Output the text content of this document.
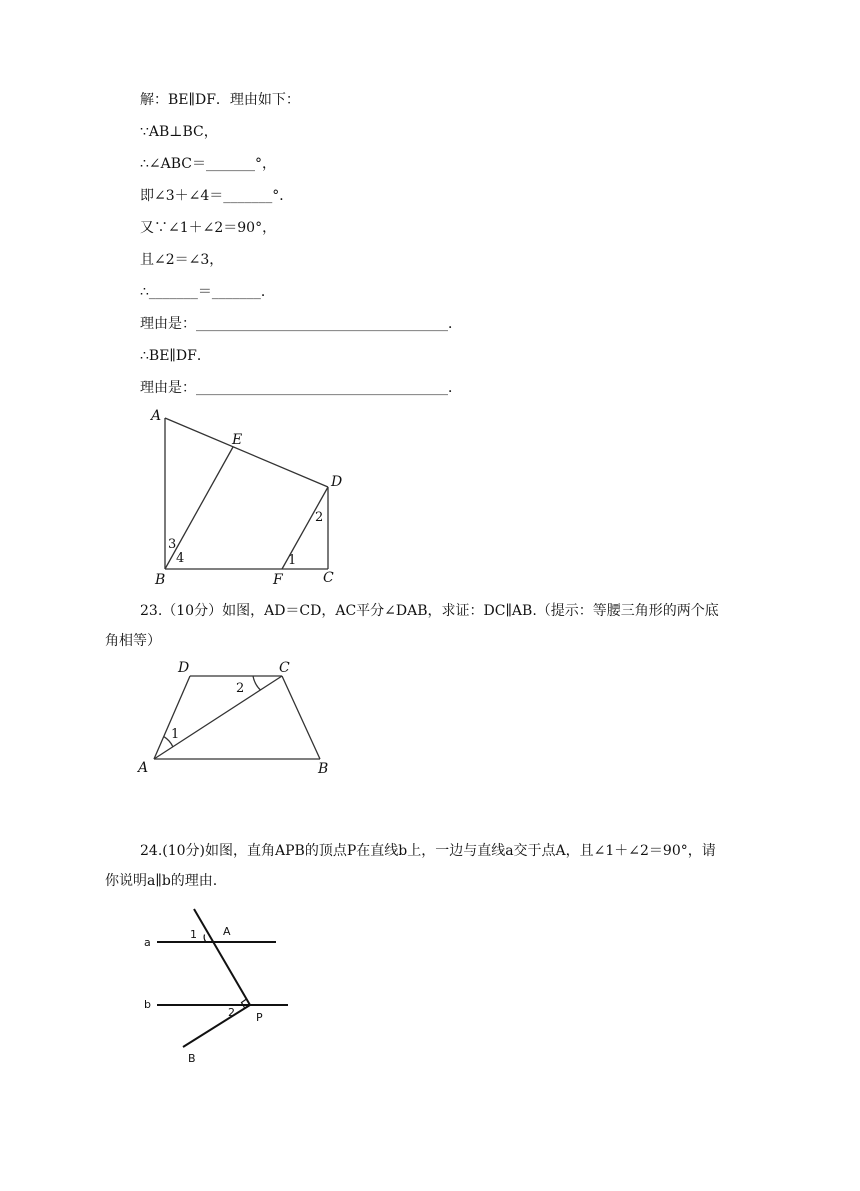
解：BE∥DF．理由如下：
∵AB⊥BC，
∴∠ABC＝_______°，
即∠3＋∠4＝_______°．
又∵∠1＋∠2＝90°，
且∠2＝∠3，
∴_______＝_______．
理由是：____________________________________．
∴BE∥DF．
理由是：____________________________________．
A
E
D
B	F	C
3
4	1
2
23.（10分）如图，AD＝CD，AC平分∠DAB，求证：DC∥AB.（提示：等腰三角形的两个底角相等）
D	C
A	B
1
2
24.(10分)如图，直角APB的顶点P在直线b上，一边与直线a交于点A，且∠1＋∠2＝90°，请你说明a∥b的理由.
a
b
A
P
B
1
2
